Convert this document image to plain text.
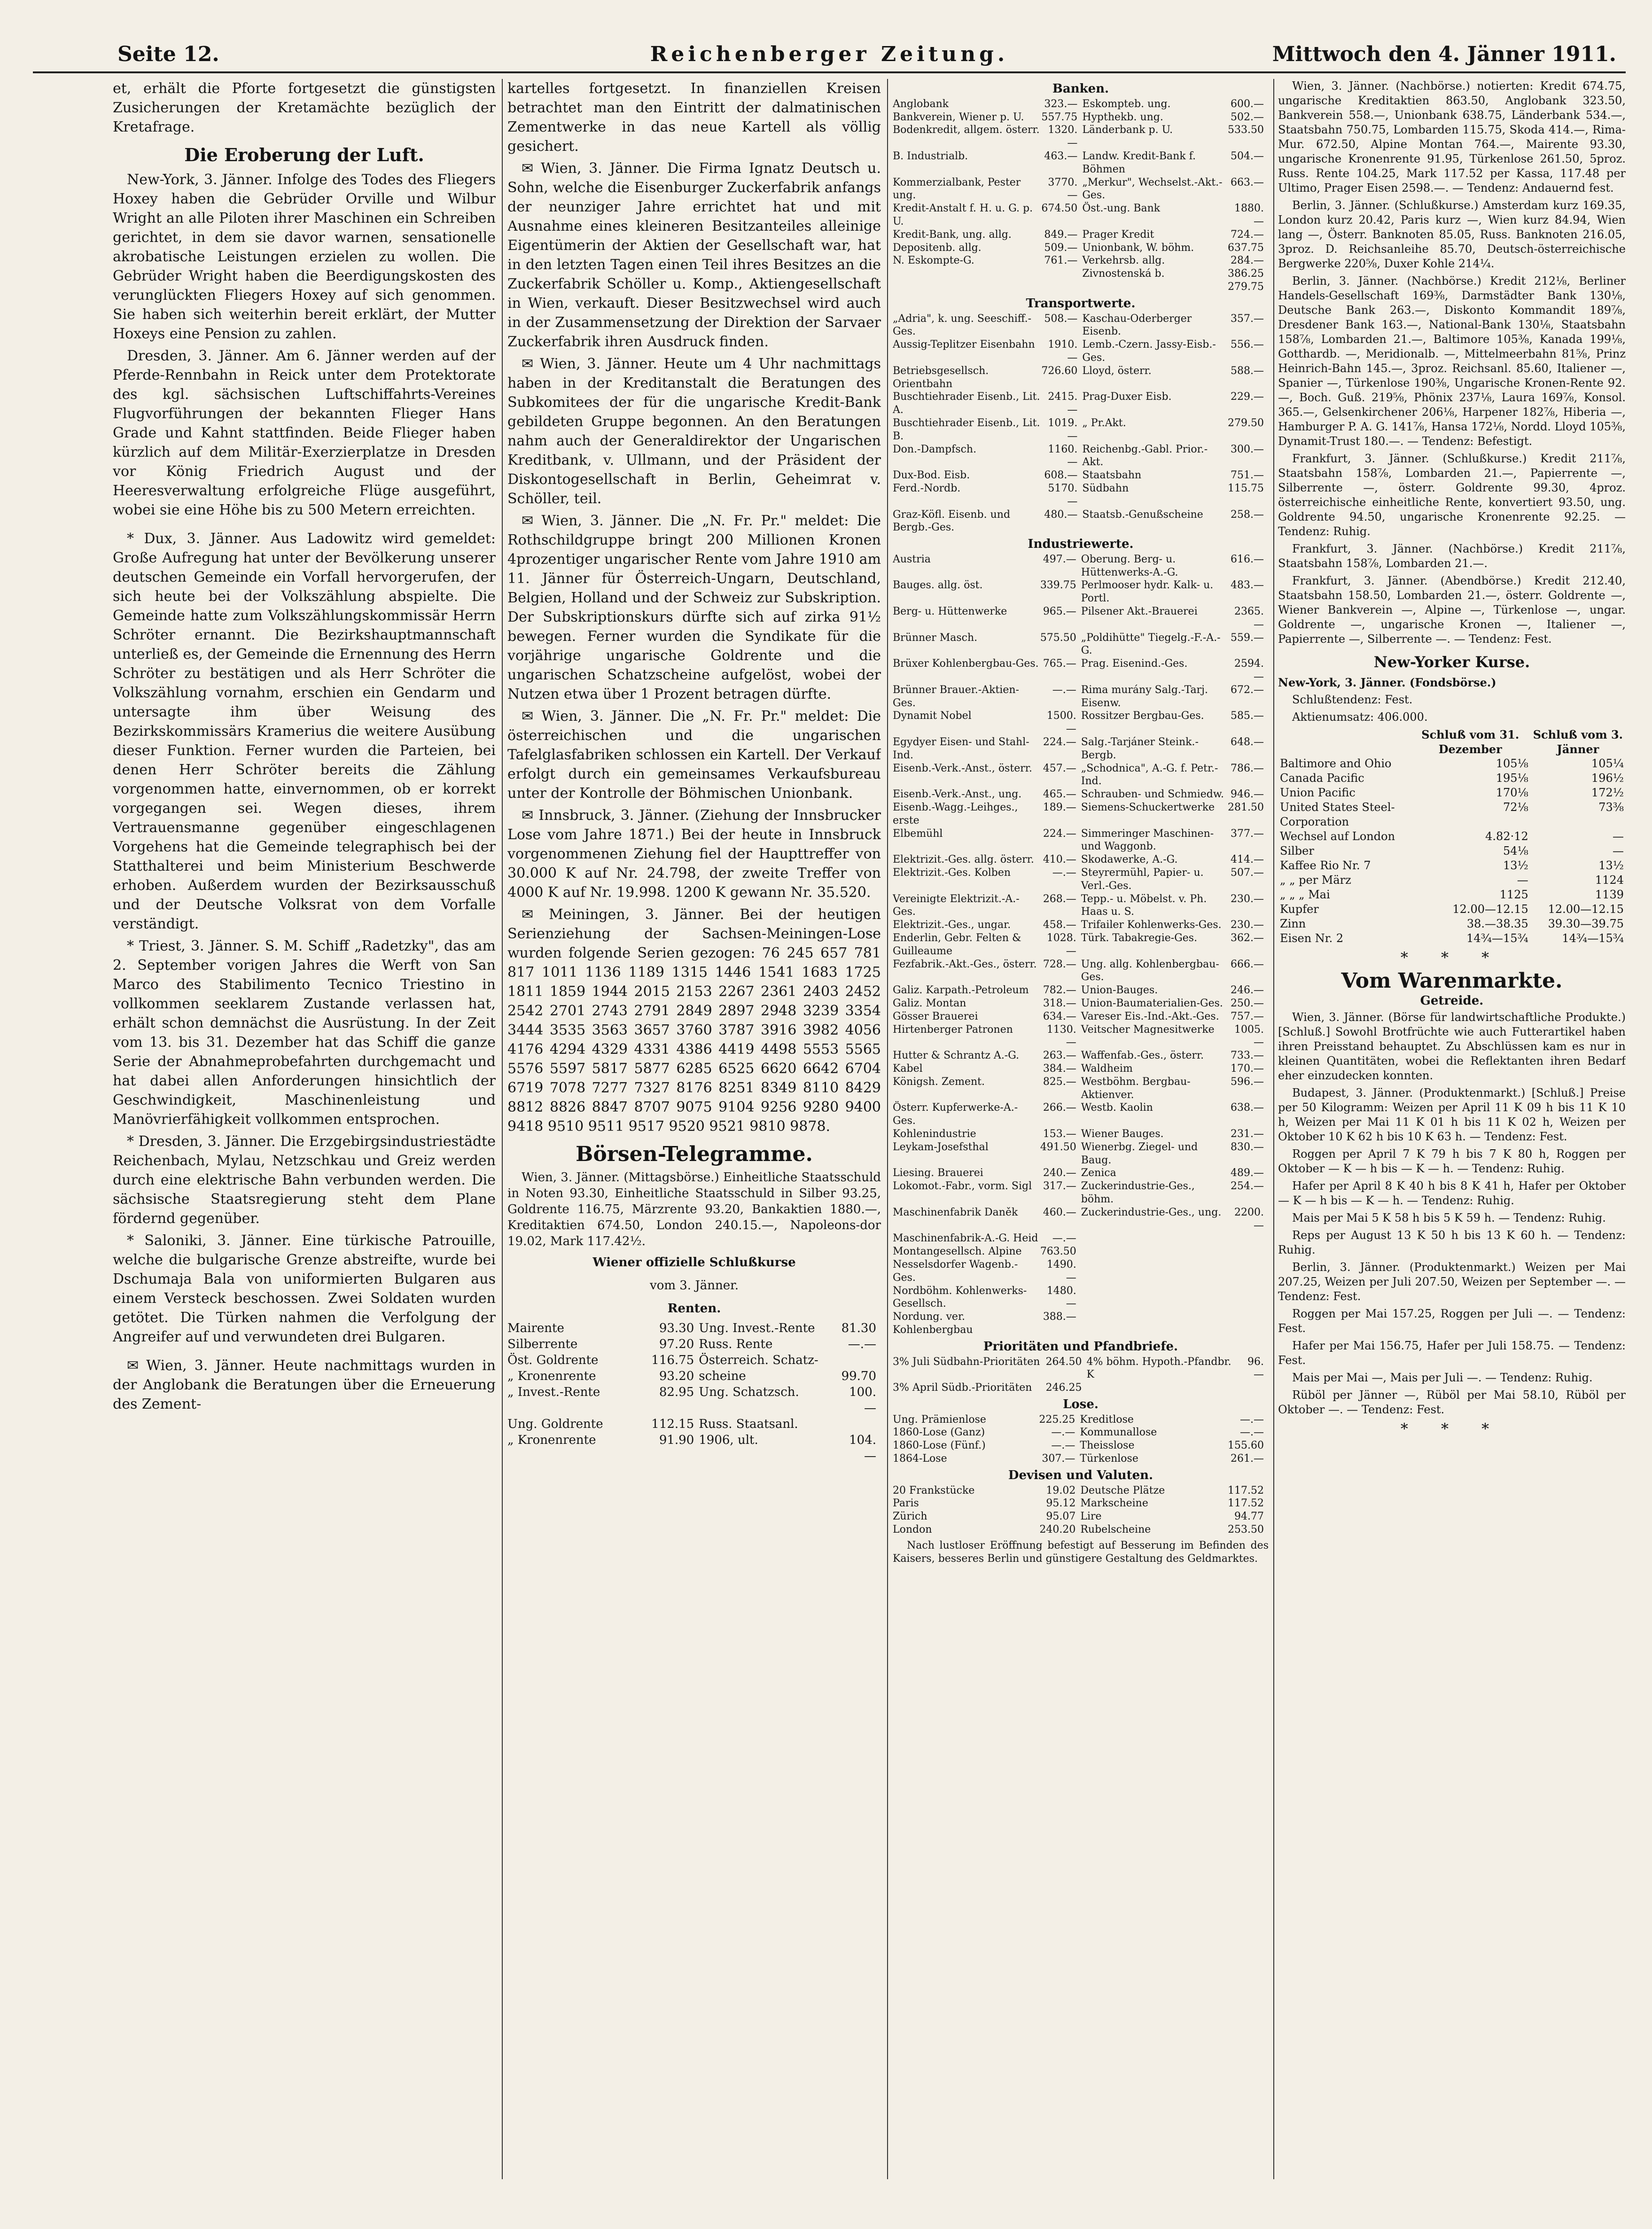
Seite 12.	Reichenberger Zeitung.	Mittwoch den 4. Jänner 1911.

et, erhält die Pforte fortgesetzt die günstigsten Zusicherungen der Kretamächte bezüglich der Kretafrage.

Die Eroberung der Luft.

New-York, 3. Jänner. Infolge des Todes des Fliegers Hoxey haben die Gebrüder Orville und Wilbur Wright an alle Piloten ihrer Maschinen ein Schreiben gerichtet, in dem sie davor warnen, sensationelle akrobatische Leistungen erzielen zu wollen. Die Gebrüder Wright haben die Beerdigungskosten des verunglückten Fliegers Hoxey auf sich genommen. Sie haben sich weiterhin bereit erklärt, der Mutter Hoxeys eine Pension zu zahlen.

Dresden, 3. Jänner. Am 6. Jänner werden auf der Pferde-Rennbahn in Reick unter dem Protektorate des kgl. sächsischen Luftschiffahrts-Vereines Flugvorführungen der bekannten Flieger Hans Grade und Kahnt stattfinden. Beide Flieger haben kürzlich auf dem Militär-Exerzierplatze in Dresden vor König Friedrich August und der Heeresverwaltung erfolgreiche Flüge ausgeführt, wobei sie eine Höhe bis zu 500 Metern erreichten.

* Dux, 3. Jänner. Aus Ladowitz wird gemeldet: Große Aufregung hat unter der Bevölkerung unserer deutschen Gemeinde ein Vorfall hervorgerufen, der sich heute bei der Volkszählung abspielte. Die Gemeinde hatte zum Volkszählungskommissär Herrn Schröter ernannt. Die Bezirkshauptmannschaft unterließ es, der Gemeinde die Ernennung des Herrn Schröter zu bestätigen und als Herr Schröter die Volkszählung vornahm, erschien ein Gendarm und untersagte ihm über Weisung des Bezirkskommissärs Kramerius die weitere Ausübung dieser Funktion. Ferner wurden die Parteien, bei denen Herr Schröter bereits die Zählung vorgenommen hatte, einvernommen, ob er korrekt vorgegangen sei. Wegen dieses, ihrem Vertrauensmanne gegenüber eingeschlagenen Vorgehens hat die Gemeinde telegraphisch bei der Statthalterei und beim Ministerium Beschwerde erhoben. Außerdem wurden der Bezirksausschuß und der Deutsche Volksrat von dem Vorfalle verständigt.

* Triest, 3. Jänner. S. M. Schiff „Radetzky", das am 2. September vorigen Jahres die Werft von San Marco des Stabilimento Tecnico Triestino in vollkommen seeklarem Zustande verlassen hat, erhält schon demnächst die Ausrüstung. In der Zeit vom 13. bis 31. Dezember hat das Schiff die ganze Serie der Abnahmeprobefahrten durchgemacht und hat dabei allen Anforderungen hinsichtlich der Geschwindigkeit, Maschinenleistung und Manövrierfähigkeit vollkommen entsprochen.

* Dresden, 3. Jänner. Die Erzgebirgsindustriestädte Reichenbach, Mylau, Netzschkau und Greiz werden durch eine elektrische Bahn verbunden werden. Die sächsische Staatsregierung steht dem Plane fördernd gegenüber.

* Saloniki, 3. Jänner. Eine türkische Patrouille, welche die bulgarische Grenze abstreifte, wurde bei Dschumaja Bala von uniformierten Bulgaren aus einem Versteck beschossen. Zwei Soldaten wurden getötet. Die Türken nahmen die Verfolgung der Angreifer auf und verwundeten drei Bulgaren.

✉ Wien, 3. Jänner. Heute nachmittags wurden in der Anglobank die Beratungen über die Erneuerung des Zement-

kartelles fortgesetzt. In finanziellen Kreisen betrachtet man den Eintritt der dalmatinischen Zementwerke in das neue Kartell als völlig gesichert.

✉ Wien, 3. Jänner. Die Firma Ignatz Deutsch u. Sohn, welche die Eisenburger Zuckerfabrik anfangs der neunziger Jahre errichtet hat und mit Ausnahme eines kleineren Besitzanteiles alleinige Eigentümerin der Aktien der Gesellschaft war, hat in den letzten Tagen einen Teil ihres Besitzes an die Zuckerfabrik Schöller u. Komp., Aktiengesellschaft in Wien, verkauft. Dieser Besitzwechsel wird auch in der Zusammensetzung der Direktion der Sarvaer Zuckerfabrik ihren Ausdruck finden.

✉ Wien, 3. Jänner. Heute um 4 Uhr nachmittags haben in der Kreditanstalt die Beratungen des Subkomitees der für die ungarische Kredit-Bank gebildeten Gruppe begonnen. An den Beratungen nahm auch der Generaldirektor der Ungarischen Kreditbank, v. Ullmann, und der Präsident der Diskontogesellschaft in Berlin, Geheimrat v. Schöller, teil.

✉ Wien, 3. Jänner. Die „N. Fr. Pr." meldet: Die Rothschildgruppe bringt 200 Millionen Kronen 4prozentiger ungarischer Rente vom Jahre 1910 am 11. Jänner für Österreich-Ungarn, Deutschland, Belgien, Holland und der Schweiz zur Subskription. Der Subskriptionskurs dürfte sich auf zirka 91½ bewegen. Ferner wurden die Syndikate für die vorjährige ungarische Goldrente und die ungarischen Schatzscheine aufgelöst, wobei der Nutzen etwa über 1 Prozent betragen dürfte.

✉ Wien, 3. Jänner. Die „N. Fr. Pr." meldet: Die österreichischen und die ungarischen Tafelglasfabriken schlossen ein Kartell. Der Verkauf erfolgt durch ein gemeinsames Verkaufsbureau unter der Kontrolle der Böhmischen Unionbank.

✉ Innsbruck, 3. Jänner. (Ziehung der Innsbrucker Lose vom Jahre 1871.) Bei der heute in Innsbruck vorgenommenen Ziehung fiel der Haupttreffer von 30.000 K auf Nr. 24.798, der zweite Treffer von 4000 K auf Nr. 19.998. 1200 K gewann Nr. 35.520.

✉ Meiningen, 3. Jänner. Bei der heutigen Serienziehung der Sachsen-Meiningen-Lose wurden folgende Serien gezogen: 76 245 657 781 817 1011 1136 1189 1315 1446 1541 1683 1725 1811 1859 1944 2015 2153 2267 2361 2403 2452 2542 2701 2743 2791 2849 2897 2948 3239 3354 3444 3535 3563 3657 3760 3787 3916 3982 4056 4176 4294 4329 4331 4386 4419 4498 5553 5565 5576 5597 5817 5877 6285 6525 6620 6642 6704 6719 7078 7277 7327 8176 8251 8349 8110 8429 8812 8826 8847 8707 9075 9104 9256 9280 9400 9418 9510 9511 9517 9520 9521 9810 9878.

Börsen-Telegramme.

Wien, 3. Jänner. (Mittagsbörse.) Einheitliche Staatsschuld in Noten 93.30, Einheitliche Staatsschuld in Silber 93.25, Goldrente 116.75, Märzrente 93.20, Bankaktien 1880.—, Kreditaktien 674.50, London 240.15.—, Napoleons-dor 19.02, Mark 117.42½.

Wiener offizielle Schlußkurse
vom 3. Jänner.
Renten.
Mairente	93.30	Ung. Invest.-Rente	81.30
Silberrente	97.20	Russ. Rente	—.—
Öst. Goldrente	116.75	Österreich. Schatz-	
„ Kronenrente	93.20	scheine	99.70
„ Invest.-Rente	82.95	Ung. Schatzsch.	100.—
Ung. Goldrente	112.15	Russ. Staatsanl.	
„ Kronenrente	91.90	1906, ult.	104.—
Banken.
Anglobank	323.—	Eskompteb. ung.	600.—
Bankverein, Wiener p. U.	557.75	Hypthekb. ung.	502.—
Bodenkredit, allgem. österr.	1320.—	Länderbank p. U.	533.50
B. Industrialb.	463.—	Landw. Kredit-Bank f. Böhmen	504.—
Kommerzialbank, Pester ung.	3770.—	„Merkur", Wechselst.-Akt.-Ges.	663.—
Kredit-Anstalt f. H. u. G. p. U.	674.50	Öst.-ung. Bank	1880.—
Kredit-Bank, ung. allg.	849.—	Prager Kredit	724.—
Depositenb. allg.	509.—	Unionbank, W. böhm.	637.75
N. Eskompte-G.	761.—	Verkehrsb. allg.	284.—
		Zivnostenská b.	386.25
			279.75
Transportwerte.
„Adria", k. ung. Seeschiff.-Ges.	508.—	Kaschau-Oderberger Eisenb.	357.—
Aussig-Teplitzer Eisenbahn	1910.—	Lemb.-Czern. Jassy-Eisb.-Ges.	556.—
Betriebsgesellsch. Orientbahn	726.60	Lloyd, österr.	588.—
Buschtiehrader Eisenb., Lit. A.	2415.—	Prag-Duxer Eisb.	229.—
Buschtiehrader Eisenb., Lit. B.	1019.—	„ Pr.Akt.	279.50
Don.-Dampfsch.	1160.—	Reichenbg.-Gabl. Prior.-Akt.	300.—
Dux-Bod. Eisb.	608.—	Staatsbahn	751.—
Ferd.-Nordb.	5170.—	Südbahn	115.75
Graz-Köfl. Eisenb. und Bergb.-Ges.	480.—	Staatsb.-Genußscheine	258.—
Industriewerte.
Austria	497.—	Oberung. Berg- u. Hüttenwerks-A.-G.	616.—
Bauges. allg. öst.	339.75	Perlmooser hydr. Kalk- u. Portl.	483.—
Berg- u. Hüttenwerke	965.—	Pilsener Akt.-Brauerei	2365.—
Brünner Masch.	575.50	„Poldihütte" Tiegelg.-F.-A.-G.	559.—
Brüxer Kohlenbergbau-Ges.	765.—	Prag. Eisenind.-Ges.	2594.—
Brünner Brauer.-Aktien-Ges.	—.—	Rima murány Salg.-Tarj. Eisenw.	672.—
Dynamit Nobel	1500.—	Rossitzer Bergbau-Ges.	585.—
Egydyer Eisen- und Stahl-Ind.	224.—	Salg.-Tarjáner Steink.-Bergb.	648.—
Eisenb.-Verk.-Anst., österr.	457.—	„Schodnica", A.-G. f. Petr.-Ind.	786.—
Eisenb.-Verk.-Anst., ung.	465.—	Schrauben- und Schmiedw.	946.—
Eisenb.-Wagg.-Leihges., erste	189.—	Siemens-Schuckertwerke	281.50
Elbemühl	224.—	Simmeringer Maschinen- und Waggonb.	377.—
Elektrizit.-Ges. allg. österr.	410.—	Skodawerke, A.-G.	414.—
Elektrizit.-Ges. Kolben	—.—	Steyrermühl, Papier- u. Verl.-Ges.	507.—
Vereinigte Elektrizit.-A.-Ges.	268.—	Tepp.- u. Möbelst. v. Ph. Haas u. S.	230.—
Elektrizit.-Ges., ungar.	458.—	Trifailer Kohlenwerks-Ges.	230.—
Enderlin, Gebr. Felten & Guilleaume	1028.—	Türk. Tabakregie-Ges.	362.—
Fezfabrik.-Akt.-Ges., österr.	728.—	Ung. allg. Kohlenbergbau-Ges.	666.—
Galiz. Karpath.-Petroleum	782.—	Union-Bauges.	246.—
Galiz. Montan	318.—	Union-Baumaterialien-Ges.	250.—
Gösser Brauerei	634.—	Vareser Eis.-Ind.-Akt.-Ges.	757.—
Hirtenberger Patronen	1130.—	Veitscher Magnesitwerke	1005.—
Hutter & Schrantz A.-G.	263.—	Waffenfab.-Ges., österr.	733.—
Kabel	384.—	Waldheim	170.—
Königsh. Zement.	825.—	Westböhm. Bergbau-Aktienver.	596.—
Österr. Kupferwerke-A.-Ges.	266.—	Westb. Kaolin	638.—
Kohlenindustrie	153.—	Wiener Bauges.	231.—
Leykam-Josefsthal	491.50	Wienerbg. Ziegel- und Baug.	830.—
Liesing. Brauerei	240.—	Zenica	489.—
Lokomot.-Fabr., vorm. Sigl	317.—	Zuckerindustrie-Ges., böhm.	254.—
Maschinenfabrik Daněk	460.—	Zuckerindustrie-Ges., ung.	2200.—
Maschinenfabrik-A.-G. Heid	—.—		
Montangesellsch. Alpine	763.50		
Nesselsdorfer Wagenb.-Ges.	1490.—		
Nordböhm. Kohlenwerks-Gesellsch.	1480.—		
Nordung. ver. Kohlenbergbau	388.—		
Prioritäten und Pfandbriefe.
3% Juli Südbahn-Prioritäten	264.50	4% böhm. Hypoth.-Pfandbr. K	96.—
3% April Südb.-Prioritäten	246.25		
Lose.
Ung. Prämienlose	225.25	Kreditlose	—.—
1860-Lose (Ganz)	—.—	Kommunallose	—.—
1860-Lose (Fünf.)	—.—	Theisslose	155.60
1864-Lose	307.—	Türkenlose	261.—
Devisen und Valuten.
20 Frankstücke	19.02	Deutsche Plätze	117.52
Paris	95.12	Markscheine	117.52
Zürich	95.07	Lire	94.77
London	240.20	Rubelscheine	253.50

Nach lustloser Eröffnung befestigt auf Besserung im Befinden des Kaisers, besseres Berlin und günstigere Gestaltung des Geldmarktes.

Wien, 3. Jänner. (Nachbörse.) notierten: Kredit 674.75, ungarische Kreditaktien 863.50, Anglobank 323.50, Bankverein 558.—, Unionbank 638.75, Länderbank 534.—, Staatsbahn 750.75, Lombarden 115.75, Skoda 414.—, Rima-Mur. 672.50, Alpine Montan 764.—, Mairente 93.30, ungarische Kronenrente 91.95, Türkenlose 261.50, 5proz. Russ. Rente 104.25, Mark 117.52 per Kassa, 117.48 per Ultimo, Prager Eisen 2598.—. — Tendenz: Andauernd fest.

Berlin, 3. Jänner. (Schlußkurse.) Amsterdam kurz 169.35, London kurz 20.42, Paris kurz —, Wien kurz 84.94, Wien lang —, Österr. Banknoten 85.05, Russ. Banknoten 216.05, 3proz. D. Reichsanleihe 85.70, Deutsch-österreichische Bergwerke 220⅝, Duxer Kohle 214¼.

Berlin, 3. Jänner. (Nachbörse.) Kredit 212⅛, Berliner Handels-Gesellschaft 169⅜, Darmstädter Bank 130⅛, Deutsche Bank 263.—, Diskonto Kommandit 189⅞, Dresdener Bank 163.—, National-Bank 130⅛, Staatsbahn 158⅞, Lombarden 21.—, Baltimore 105⅜, Kanada 199⅛, Gotthardb. —, Meridionalb. —, Mittelmeerbahn 81⅝, Prinz Heinrich-Bahn 145.—, 3proz. Reichsanl. 85.60, Italiener —, Spanier —, Türkenlose 190⅜, Ungarische Kronen-Rente 92.—, Boch. Guß. 219⅝, Phönix 237⅛, Laura 169⅞, Konsol. 365.—, Gelsenkirchener 206⅛, Harpener 182⅞, Hiberia —, Hamburger P. A. G. 141⅞, Hansa 172⅛, Nordd. Lloyd 105⅜, Dynamit-Trust 180.—. — Tendenz: Befestigt.

Frankfurt, 3. Jänner. (Schlußkurse.) Kredit 211⅞, Staatsbahn 158⅞, Lombarden 21.—, Papierrente —, Silberrente —, österr. Goldrente 99.30, 4proz. österreichische einheitliche Rente, konvertiert 93.50, ung. Goldrente 94.50, ungarische Kronenrente 92.25. — Tendenz: Ruhig.

Frankfurt, 3. Jänner. (Nachbörse.) Kredit 211⅞, Staatsbahn 158⅞, Lombarden 21.—.

Frankfurt, 3. Jänner. (Abendbörse.) Kredit 212.40, Staatsbahn 158.50, Lombarden 21.—, österr. Goldrente —, Wiener Bankverein —, Alpine —, Türkenlose —, ungar. Goldrente —, ungarische Kronen —, Italiener —, Papierrente —, Silberrente —. — Tendenz: Fest.

New-Yorker Kurse.

New-York, 3. Jänner. (Fondsbörse.)

Schlußtendenz: Fest.

Aktienumsatz: 406.000.

	Schluß vom 31. Dezember	Schluß vom 3. Jänner
Baltimore and Ohio	105⅛	105¼
Canada Pacific	195⅛	196½
Union Pacific	170⅛	172½
United States Steel-Corporation	72⅛	73⅜
Wechsel auf London	4.82·12	—
Silber	54⅛	—
Kaffee Rio Nr. 7	13½	13½
„ „ per März	—	1124
„ „ „ Mai	1125	1139
Kupfer	12.00—12.15	12.00—12.15
Zinn	38.—38.35	39.30—39.75
Eisen Nr. 2	14¾—15¾	14¾—15¾
* * *
Vom Warenmarkte.
Getreide.

Wien, 3. Jänner. (Börse für landwirtschaftliche Produkte.) [Schluß.] Sowohl Brotfrüchte wie auch Futterartikel haben ihren Preisstand behauptet. Zu Abschlüssen kam es nur in kleinen Quantitäten, wobei die Reflektanten ihren Bedarf eher einzudecken konnten.

Budapest, 3. Jänner. (Produktenmarkt.) [Schluß.] Preise per 50 Kilogramm: Weizen per April 11 K 09 h bis 11 K 10 h, Weizen per Mai 11 K 01 h bis 11 K 02 h, Weizen per Oktober 10 K 62 h bis 10 K 63 h. — Tendenz: Fest.

Roggen per April 7 K 79 h bis 7 K 80 h, Roggen per Oktober — K — h bis — K — h. — Tendenz: Ruhig.

Hafer per April 8 K 40 h bis 8 K 41 h, Hafer per Oktober — K — h bis — K — h. — Tendenz: Ruhig.

Mais per Mai 5 K 58 h bis 5 K 59 h. — Tendenz: Ruhig.

Reps per August 13 K 50 h bis 13 K 60 h. — Tendenz: Ruhig.

Berlin, 3. Jänner. (Produktenmarkt.) Weizen per Mai 207.25, Weizen per Juli 207.50, Weizen per September —. — Tendenz: Fest.

Roggen per Mai 157.25, Roggen per Juli —. — Tendenz: Fest.

Hafer per Mai 156.75, Hafer per Juli 158.75. — Tendenz: Fest.

Mais per Mai —, Mais per Juli —. — Tendenz: Ruhig.

Rüböl per Jänner —, Rüböl per Mai 58.10, Rüböl per Oktober —. — Tendenz: Fest.

* * *
